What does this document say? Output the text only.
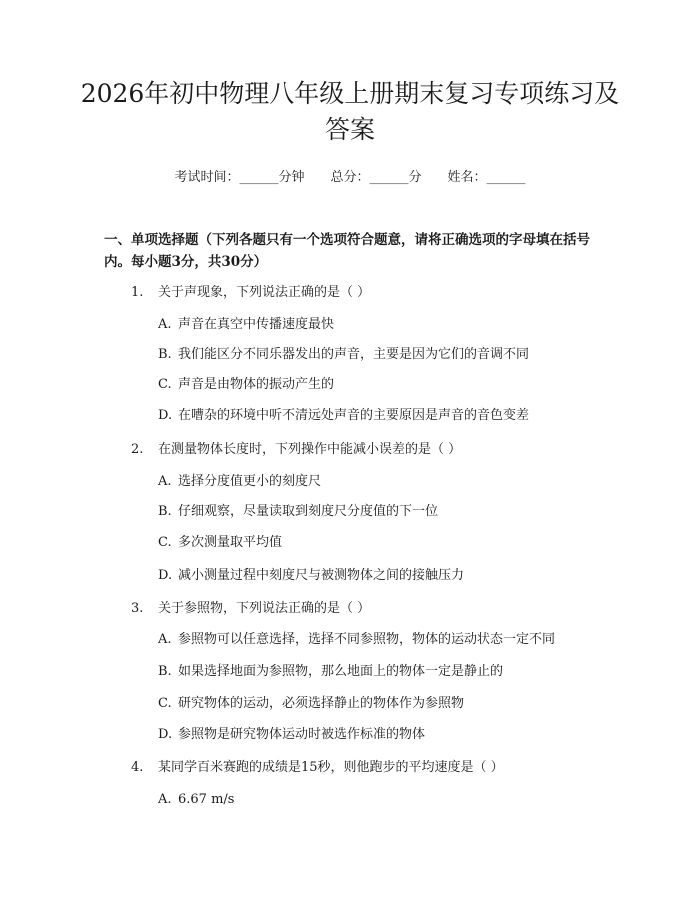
2026年初中物理八年级上册期末复习专项练习及答案
考试时间：______分钟 总分：______分 姓名：______

一、单项选择题（下列各题只有一个选项符合题意，请将正确选项的字母填在括号内。每小题3分，共30分）

1. 关于声现象，下列说法正确的是（ ）
A. 声音在真空中传播速度最快
B. 我们能区分不同乐器发出的声音，主要是因为它们的音调不同
C. 声音是由物体的振动产生的
D. 在嘈杂的环境中听不清远处声音的主要原因是声音的音色变差
2. 在测量物体长度时，下列操作中能减小误差的是（ ）
A. 选择分度值更小的刻度尺
B. 仔细观察，尽量读取到刻度尺分度值的下一位
C. 多次测量取平均值
D. 减小测量过程中刻度尺与被测物体之间的接触压力
3. 关于参照物，下列说法正确的是（ ）
A. 参照物可以任意选择，选择不同参照物，物体的运动状态一定不同
B. 如果选择地面为参照物，那么地面上的物体一定是静止的
C. 研究物体的运动，必须选择静止的物体作为参照物
D. 参照物是研究物体运动时被选作标准的物体
4. 某同学百米赛跑的成绩是15秒，则他跑步的平均速度是（ ）
A. 6.67 m/s
